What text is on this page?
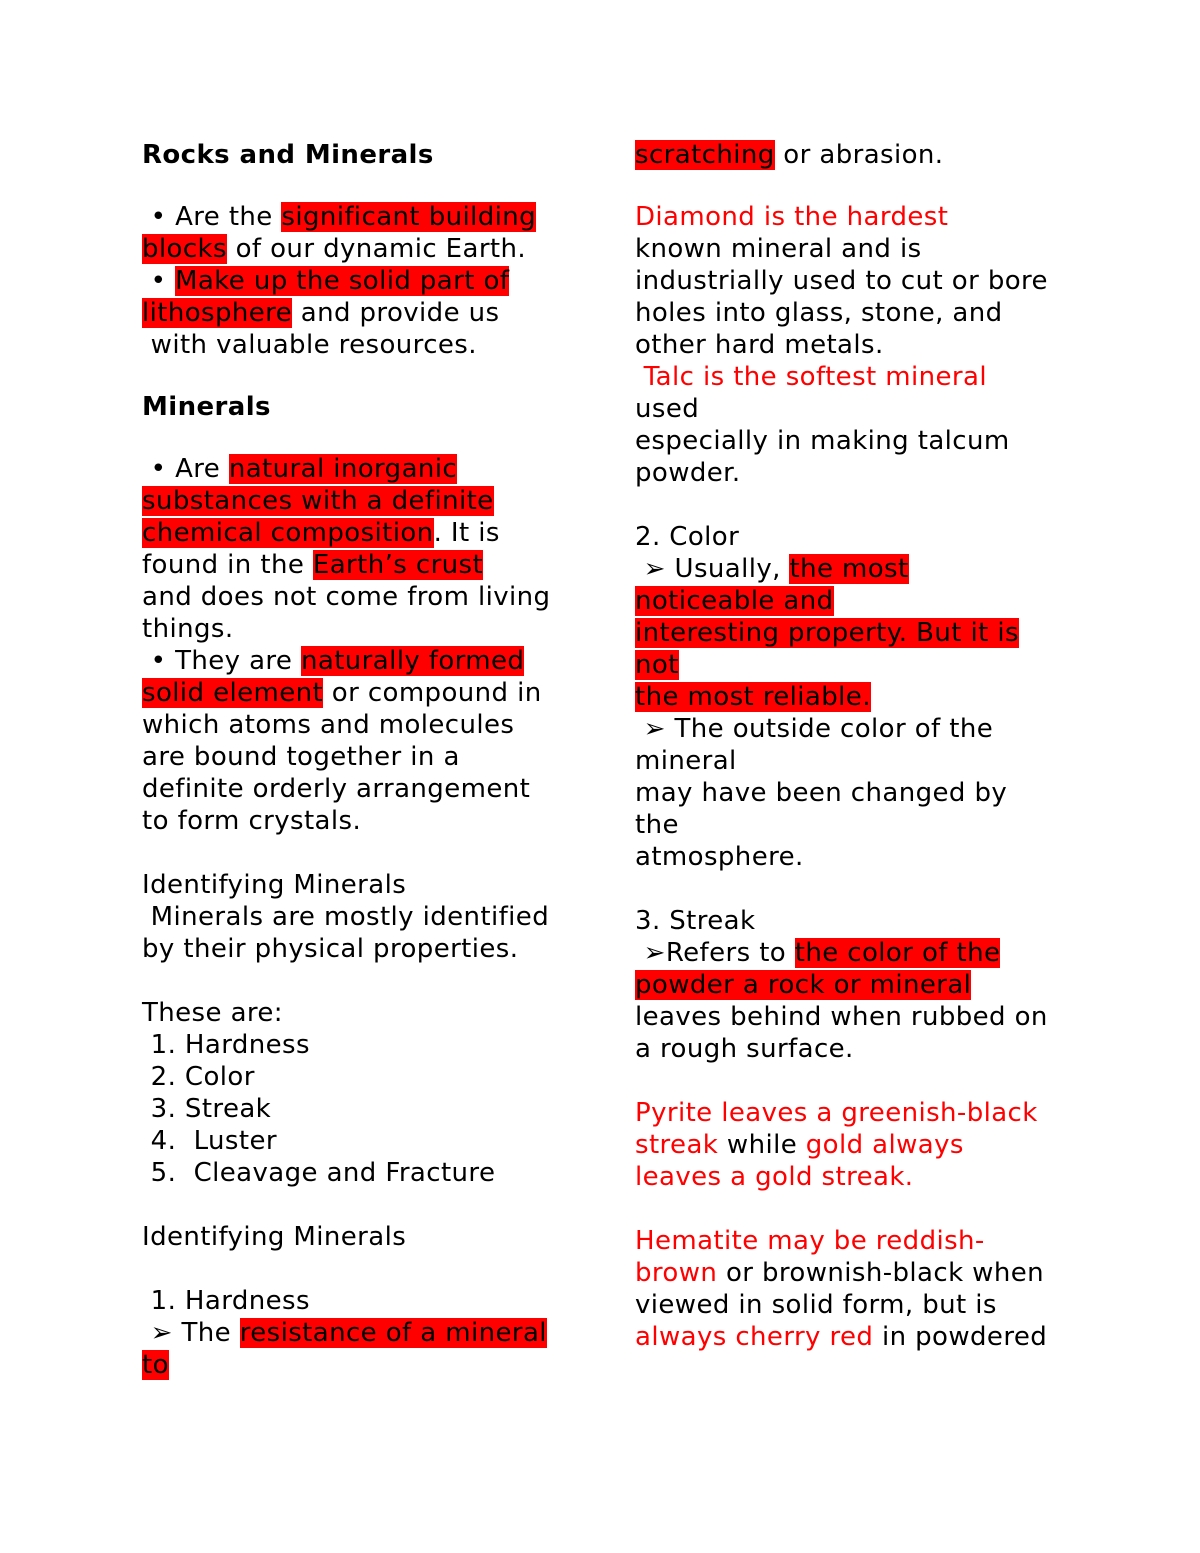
Rocks and Minerals
• Are the significant building
blocks of our dynamic Earth.
• Make up the solid part of
lithosphere and provide us
with valuable resources.
Minerals
• Are natural inorganic
substances with a definite
chemical composition. It is
found in the Earth’s crust
and does not come from living
things.
• They are naturally formed
solid element or compound in
which atoms and molecules
are bound together in a
definite orderly arrangement
to form crystals.
Identifying Minerals
Minerals are mostly identified
by their physical properties.
These are:
1. Hardness
2. Color
3. Streak
4.  Luster
5.  Cleavage and Fracture
Identifying Minerals
1. Hardness
➢ The resistance of a mineral
to
scratching or abrasion.
Diamond is the hardest
known mineral and is
industrially used to cut or bore
holes into glass, stone, and
other hard metals.
Talc is the softest mineral
used
especially in making talcum
powder.
2. Color
➢ Usually, the most
noticeable and
interesting property. But it is
not
the most reliable.
➢ The outside color of the
mineral
may have been changed by
the
atmosphere.
3. Streak
➢Refers to the color of the
powder a rock or mineral
leaves behind when rubbed on
a rough surface.
Pyrite leaves a greenish-black
streak while gold always
leaves a gold streak.
Hematite may be reddish-
brown or brownish-black when
viewed in solid form, but is
always cherry red in powdered
